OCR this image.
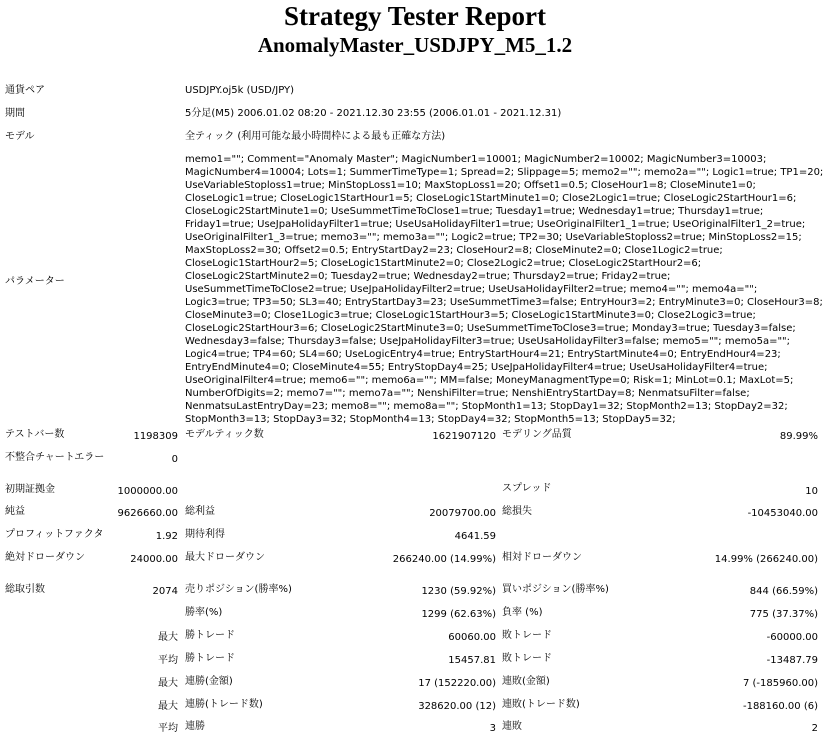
Strategy Tester Report
AnomalyMaster_USDJPY_M5_1.2
通貨ペア	USDJPY.oj5k (USD/JPY)
期間	5分足(M5) 2006.01.02 08:20 - 2021.12.30 23:55 (2006.01.01 - 2021.12.31)
モデル	全ティック (利用可能な最小時間枠による最も正確な方法)
パラメーター
memo1=""; Comment="Anomaly Master"; MagicNumber1=10001; MagicNumber2=10002; MagicNumber3=10003; MagicNumber4=10004; Lots=1; SummerTimeType=1; Spread=2; Slippage=5; memo2=""; memo2a=""; Logic1=true; TP1=20; UseVariableStoploss1=true; MinStopLoss1=10; MaxStopLoss1=20; Offset1=0.5; CloseHour1=8; CloseMinute1=0; CloseLogic1=true; CloseLogic1StartHour1=5; CloseLogic1StartMinute1=0; Close2Logic1=true; CloseLogic2StartHour1=6; CloseLogic2StartMinute1=0; UseSummetTimeToClose1=true; Tuesday1=true; Wednesday1=true; Thursday1=true; Friday1=true; UseJpaHolidayFilter1=true; UseUsaHolidayFilter1=true; UseOriginalFilter1_1=true; UseOriginalFilter1_2=true; UseOriginalFilter1_3=true; memo3=""; memo3a=""; Logic2=true; TP2=30; UseVariableStoploss2=true; MinStopLoss2=15; MaxStopLoss2=30; Offset2=0.5; EntryStartDay2=23; CloseHour2=8; CloseMinute2=0; Close1Logic2=true; CloseLogic1StartHour2=5; CloseLogic1StartMinute2=0; Close2Logic2=true; CloseLogic2StartHour2=6; CloseLogic2StartMinute2=0; Tuesday2=true; Wednesday2=true; Thursday2=true; Friday2=true; UseSummetTimeToClose2=true; UseJpaHolidayFilter2=true; UseUsaHolidayFilter2=true; memo4=""; memo4a=""; Logic3=true; TP3=50; SL3=40; EntryStartDay3=23; UseSummetTime3=false; EntryHour3=2; EntryMinute3=0; CloseHour3=8; CloseMinute3=0; Close1Logic3=true; CloseLogic1StartHour3=5; CloseLogic1StartMinute3=0; Close2Logic3=true; CloseLogic2StartHour3=6; CloseLogic2StartMinute3=0; UseSummetTimeToClose3=true; Monday3=true; Tuesday3=false; Wednesday3=false; Thursday3=false; UseJpaHolidayFilter3=true; UseUsaHolidayFilter3=false; memo5=""; memo5a=""; Logic4=true; TP4=60; SL4=60; UseLogicEntry4=true; EntryStartHour4=21; EntryStartMinute4=0; EntryEndHour4=23; EntryEndMinute4=0; CloseMinute4=55; EntryStopDay4=25; UseJpaHolidayFilter4=true; UseUsaHolidayFilter4=true; UseOriginalFilter4=true; memo6=""; memo6a=""; MM=false; MoneyManagmentType=0; Risk=1; MinLot=0.1; MaxLot=5; NumberOfDigits=2; memo7=""; memo7a=""; NenshiFilter=true; NenshiEntryStartDay=8; NenmatsuFilter=false; NenmatsuLastEntryDay=23; memo8=""; memo8a=""; StopMonth1=13; StopDay1=32; StopMonth2=13; StopDay2=32; StopMonth3=13; StopDay3=32; StopMonth4=13; StopDay4=32; StopMonth5=13; StopDay5=32;
テストバー数	1198309 モデルティック数	1621907120 モデリング品質	89.99%
不整合チャートエラー	0
初期証拠金	1000000.00	スプレッド	10
純益	9626660.00 総利益	20079700.00 総損失	-10453040.00
プロフィットファクタ	1.92 期待利得	4641.59
絶対ドローダウン	24000.00 最大ドローダウン	266240.00 (14.99%) 相対ドローダウン	14.99% (266240.00)
総取引数	2074 売りポジション(勝率%)	1230 (59.92%) 買いポジション(勝率%)	844 (66.59%)
勝率(%)	1299 (62.63%) 負率 (%)	775 (37.37%)
最大 勝トレード	60060.00 敗トレード	-60000.00
平均 勝トレード	15457.81 敗トレード	-13487.79
最大 連勝(金額)	17 (152220.00) 連敗(金額)	7 (-185960.00)
最大 連勝(トレード数)	328620.00 (12) 連敗(トレード数)	-188160.00 (6)
平均 連勝	3 連敗	2
